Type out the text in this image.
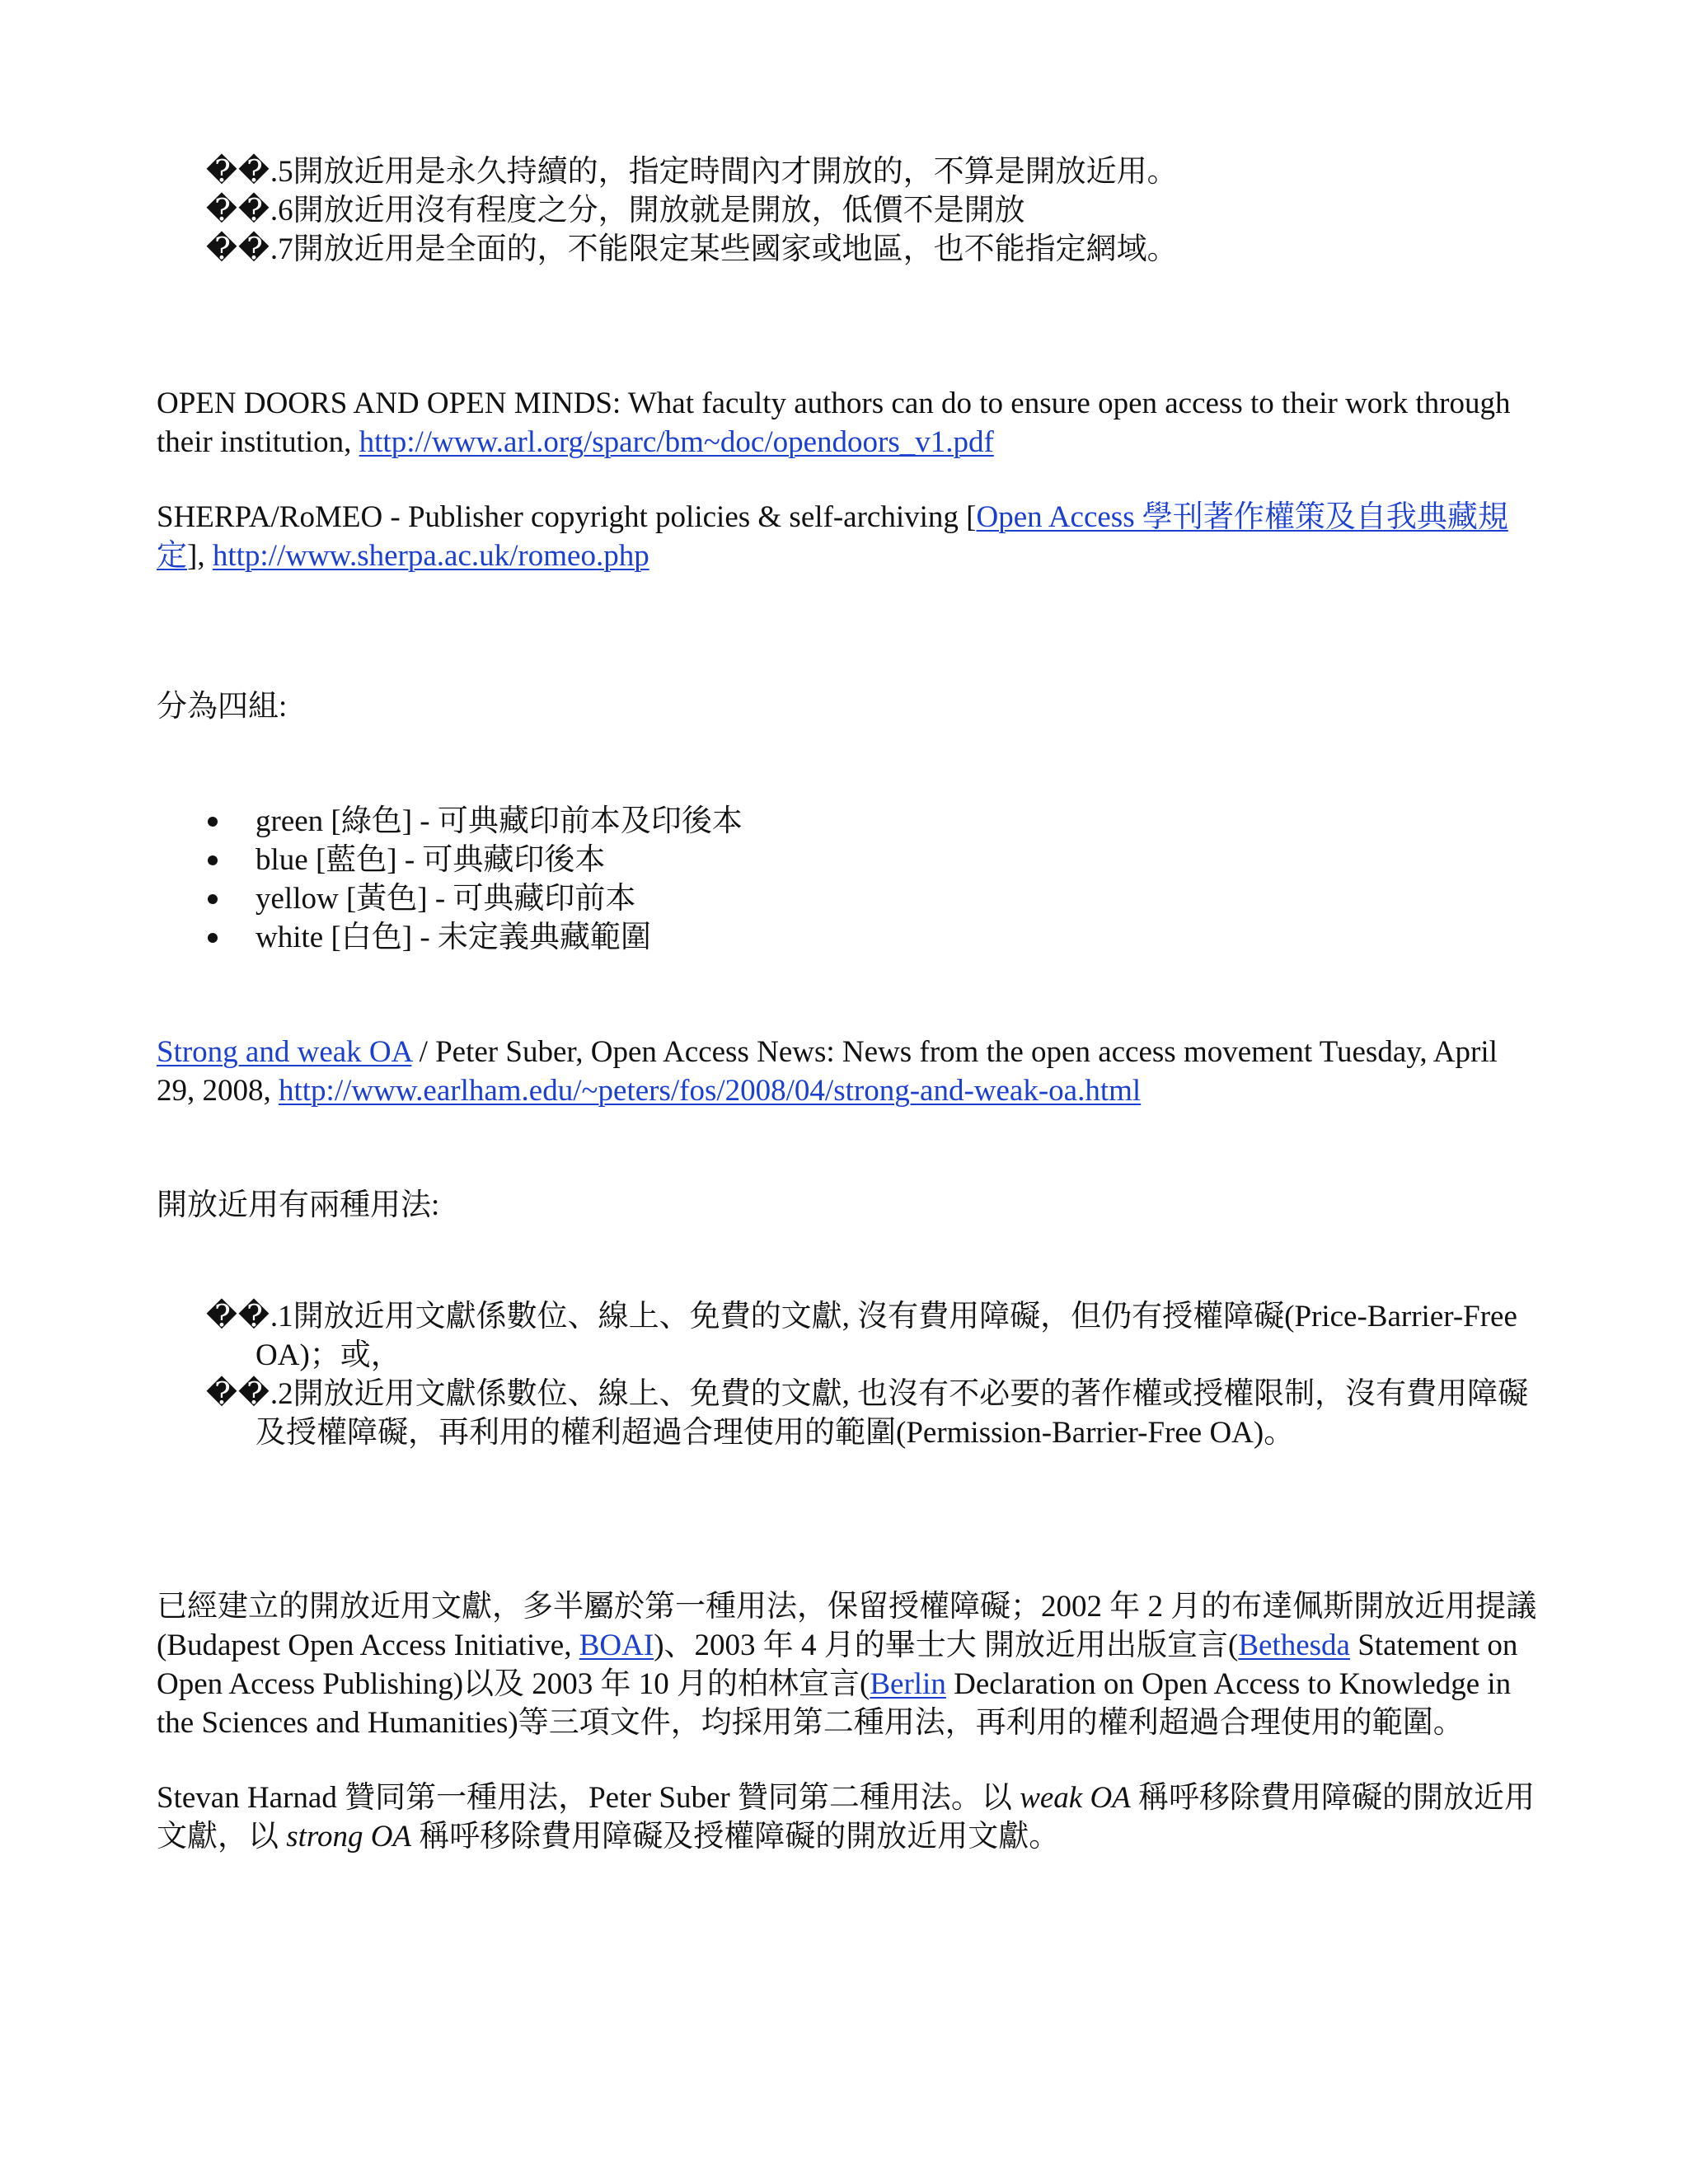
��.5開放近用是永久持續的，指定時間內才開放的，不算是開放近用。
��.6開放近用沒有程度之分，開放就是開放，低價不是開放
��.7開放近用是全面的，不能限定某些國家或地區，也不能指定網域。

OPEN DOORS AND OPEN MINDS: What faculty authors can do to ensure open access to their work through their institution, http://www.arl.org/sparc/bm~doc/opendoors_v1.pdf

SHERPA/RoMEO - Publisher copyright policies & self-archiving [Open Access 學刊著作權策及自我典藏規定], http://www.sherpa.ac.uk/romeo.php

分為四組:

green [綠色] - 可典藏印前本及印後本
blue [藍色] - 可典藏印後本
yellow [黃色] - 可典藏印前本
white [白色] - 未定義典藏範圍

Strong and weak OA / Peter Suber, Open Access News: News from the open access movement Tuesday, April 29, 2008, http://www.earlham.edu/~peters/fos/2008/04/strong-and-weak-oa.html

開放近用有兩種用法:

��.1開放近用文獻係數位、線上、免費的文獻, 沒有費用障礙，但仍有授權障礙(Price-Barrier-Free OA)；或，
��.2開放近用文獻係數位、線上、免費的文獻, 也沒有不必要的著作權或授權限制，沒有費用障礙及授權障礙，再利用的權利超過合理使用的範圍(Permission-Barrier-Free OA)。

已經建立的開放近用文獻，多半屬於第一種用法，保留授權障礙；2002 年 2 月的布達佩斯開放近用提議(Budapest Open Access Initiative, BOAI)、2003 年 4 月的畢士大 開放近用出版宣言(Bethesda Statement on Open Access Publishing)以及 2003 年 10 月的柏林宣言(Berlin Declaration on Open Access to Knowledge in the Sciences and Humanities)等三項文件，均採用第二種用法，再利用的權利超過合理使用的範圍。

Stevan Harnad 贊同第一種用法，Peter Suber 贊同第二種用法。以 weak OA 稱呼移除費用障礙的開放近用文獻，以 strong OA 稱呼移除費用障礙及授權障礙的開放近用文獻。
